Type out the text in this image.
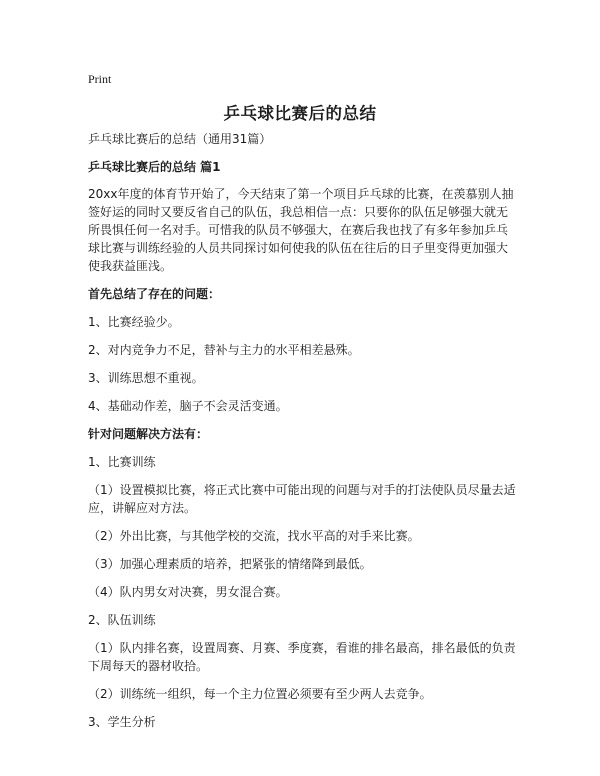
Print
乒乓球比赛后的总结

乒乓球比赛后的总结（通用31篇）

乒乓球比赛后的总结 篇1

20xx年度的体育节开始了，今天结束了第一个项目乒乓球的比赛，在羡慕别人抽签好运的同时又要反省自己的队伍，我总相信一点：只要你的队伍足够强大就无所畏惧任何一名对手。可惜我的队员不够强大，在赛后我也找了有多年参加乒乓球比赛与训练经验的人员共同探讨如何使我的队伍在往后的日子里变得更加强大使我获益匪浅。

首先总结了存在的问题：

1、比赛经验少。

2、对内竞争力不足，替补与主力的水平相差悬殊。

3、训练思想不重视。

4、基础动作差，脑子不会灵活变通。

针对问题解决方法有：

1、比赛训练

（1）设置模拟比赛，将正式比赛中可能出现的问题与对手的打法使队员尽量去适应，讲解应对方法。

（2）外出比赛，与其他学校的交流，找水平高的对手来比赛。

（3）加强心理素质的培养，把紧张的情绪降到最低。

（4）队内男女对决赛，男女混合赛。

2、队伍训练

（1）队内排名赛，设置周赛、月赛、季度赛，看谁的排名最高，排名最低的负责下周每天的器材收拾。

（2）训练统一组织，每一个主力位置必须要有至少两人去竞争。

3、学生分析
